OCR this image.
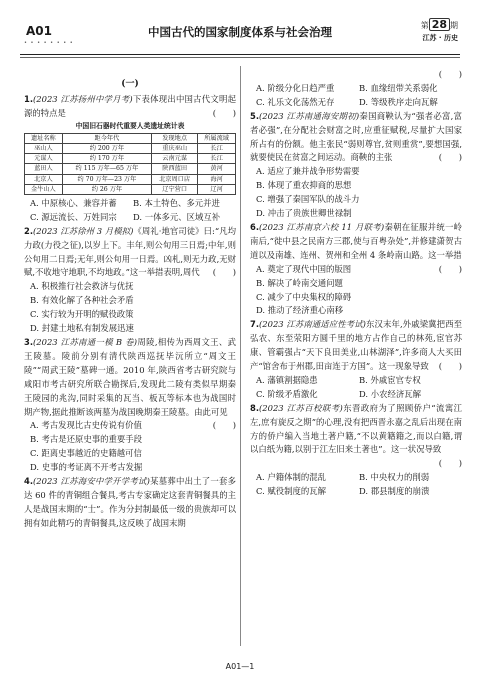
A01
• • • • • • • •
中国古代的国家制度体系与社会治理	第 28 期
江苏 · 历史
(一)
1.(2023 江苏扬州中学月考)下表体现出中国古代文明起源的特点是	(　　)
中国旧石器时代重要人类遗址统计表
遗址名称	距今年代	发现地点	所属流域
巫山人	约 200 万年	重庆巫山	长江
元谋人	约 170 万年	云南元谋	长江
蓝田人	约 115 万年—65 万年	陕西蓝田	黄河
北京人	约 70 万年—23 万年	北京周口店	海河
金牛山人	约 26 万年	辽宁营口	辽河
A. 中原核心、兼容并蓄	B. 本土特色、多元并进
C. 源远流长、万姓同宗	D. 一体多元、区域互补
2.(2023 江苏徐州 3 月模拟)《周礼·地官司徒》曰:“凡均力政(力役之征),以岁上下。丰年,则公旬用三日焉;中年,则公旬用二日焉;无年,则公旬用一日焉。凶札,则无力政,无财赋,不收地守地职,不均地政。”这一举措表明,周代 (　　)
A. 积极推行社会救济与优抚
B. 有效化解了各种社会矛盾
C. 实行较为开明的赋役政策
D. 封建土地私有制发展迅速
3.(2023 江苏南通一模 B 卷)周陵,相传为西周文王、武王陵墓。陵前分别有清代陕西巡抚毕沅所立“周文王陵”“周武王陵”墓碑一通。2010 年,陕西省考古研究院与咸阳市考古研究所联合勘探后,发现此二陵有类似早期秦王陵园的兆沟,同时采集的瓦当、板瓦等标本也为战国时期产物,据此推断该两墓为战国晚期秦王陵墓。由此可见
(　　)
A. 考古发现比古史传说有价值
B. 考古是还原史事的重要手段
C. 距离史事越近的史籍越可信
D. 史事的考证离不开考古发掘
4.(2023 江苏海安中学开学考试)某墓葬中出土了一套多达 60 件的青铜组合餐具,考古专家确定这套青铜餐具的主人是战国末期的“士”。作为分封制最低一级的贵族却可以拥有如此精巧的青铜餐具,这反映了战国末期
(　　)
A. 阶级分化日趋严重	B. 血缘纽带关系弱化
C. 礼乐文化荡然无存	D. 等级秩序走向瓦解
5.(2023 江苏南通海安期初)秦国商鞅认为“强者必富,富者必强”,在分配社会财富之时,应重征赋税,尽量扩大国家所占有的份额。他主张民“弱则尊官,贫则重赏”,要想国强,就要使民在贫富之间运动。商鞅的主张	(　　)
A. 适应了兼并战争形势需要
B. 体现了重农抑商的思想
C. 增强了秦国军队的战斗力
D. 冲击了贵族世卿世禄制
6.(2023 江苏南京六校 11 月联考)秦朝在征服并统一岭南后,“徙中县之民南方三郡,使与百粤杂处”,并修建潇贺古道以及南雄、连州、贺州和全州 4 条岭南山路。这一举措
(　　)
A. 奠定了现代中国的版图
B. 解决了岭南交通问题
C. 减少了中央集权的障碍
D. 推动了经济重心南移
7.(2023 江苏南通适应性考试)东汉末年,外戚梁冀把西至弘农、东至荥阳方圆千里的地方占作自己的林苑,宦官苏康、管霸强占“天下良田美业,山林湖泽”,许多商人大买田产“馆舍布于州郡,田亩连于方国”。这一现象导致 (　　)
A. 藩镇割据隐患	B. 外戚宦官专权
C. 阶级矛盾激化	D. 小农经济瓦解
8.(2023 江苏百校联考)东晋政府为了照顾侨户“流寓江左,庶有旋反之期”的心理,没有把西晋永嘉之乱后出现在南方的侨户编入当地土著户籍,“不以黄籍籍之,而以白籍,谓以白纸为籍,以别于江左旧来土著也”。这一状况导致
(　　)
A. 户籍体制的混乱	B. 中央权力的削弱
C. 赋役制度的瓦解	D. 郡县制度的崩溃
A01—1
